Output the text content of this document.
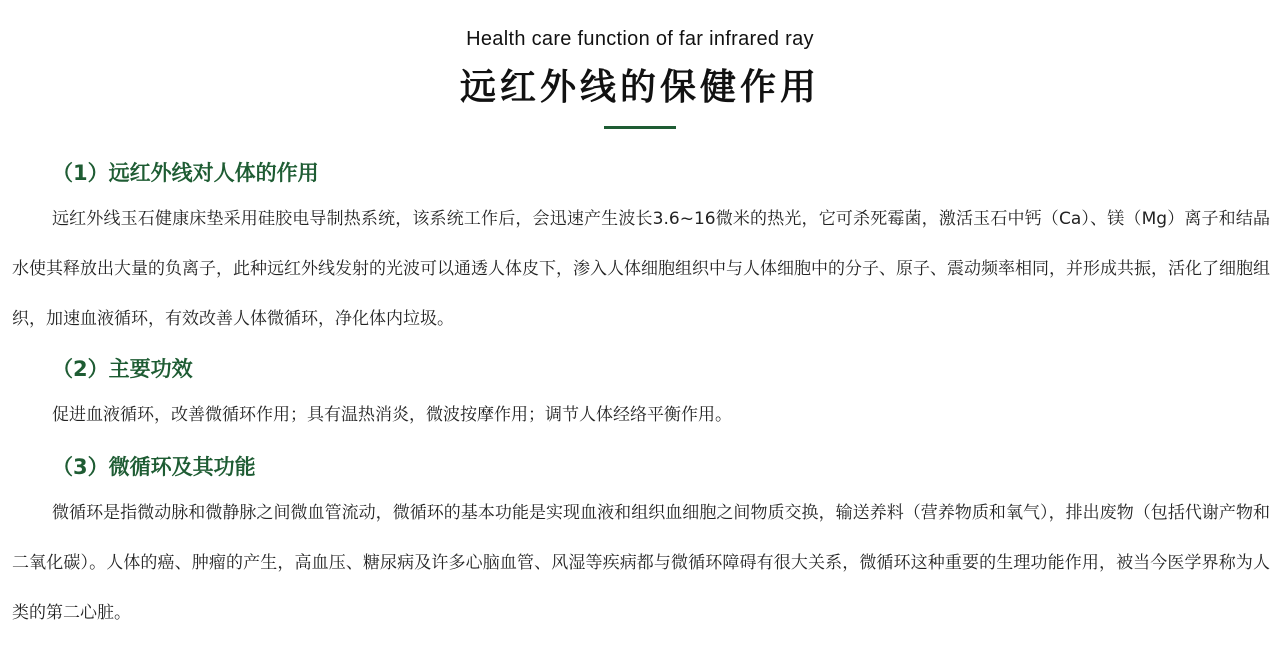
Health care function of far infrared ray
远红外线的保健作用
（1）远红外线对人体的作用

远红外线玉石健康床垫采用硅胶电导制热系统，该系统工作后，会迅速产生波长3.6~16微米的热光，它可杀死霉菌，激活玉石中钙（Ca）、镁（Mg）离子和结晶水使其释放出大量的负离子，此种远红外线发射的光波可以通透人体皮下，渗入人体细胞组织中与人体细胞中的分子、原子、震动频率相同，并形成共振，活化了细胞组织，加速血液循环，有效改善人体微循环，净化体内垃圾。

（2）主要功效

促进血液循环，改善微循环作用；具有温热消炎，微波按摩作用；调节人体经络平衡作用。

（3）微循环及其功能

微循环是指微动脉和微静脉之间微血管流动，微循环的基本功能是实现血液和组织血细胞之间物质交换，输送养料（营养物质和氧气），排出废物（包括代谢产物和二氧化碳）。人体的癌、肿瘤的产生，高血压、糖尿病及许多心脑血管、风湿等疾病都与微循环障碍有很大关系，微循环这种重要的生理功能作用，被当今医学界称为人类的第二心脏。
